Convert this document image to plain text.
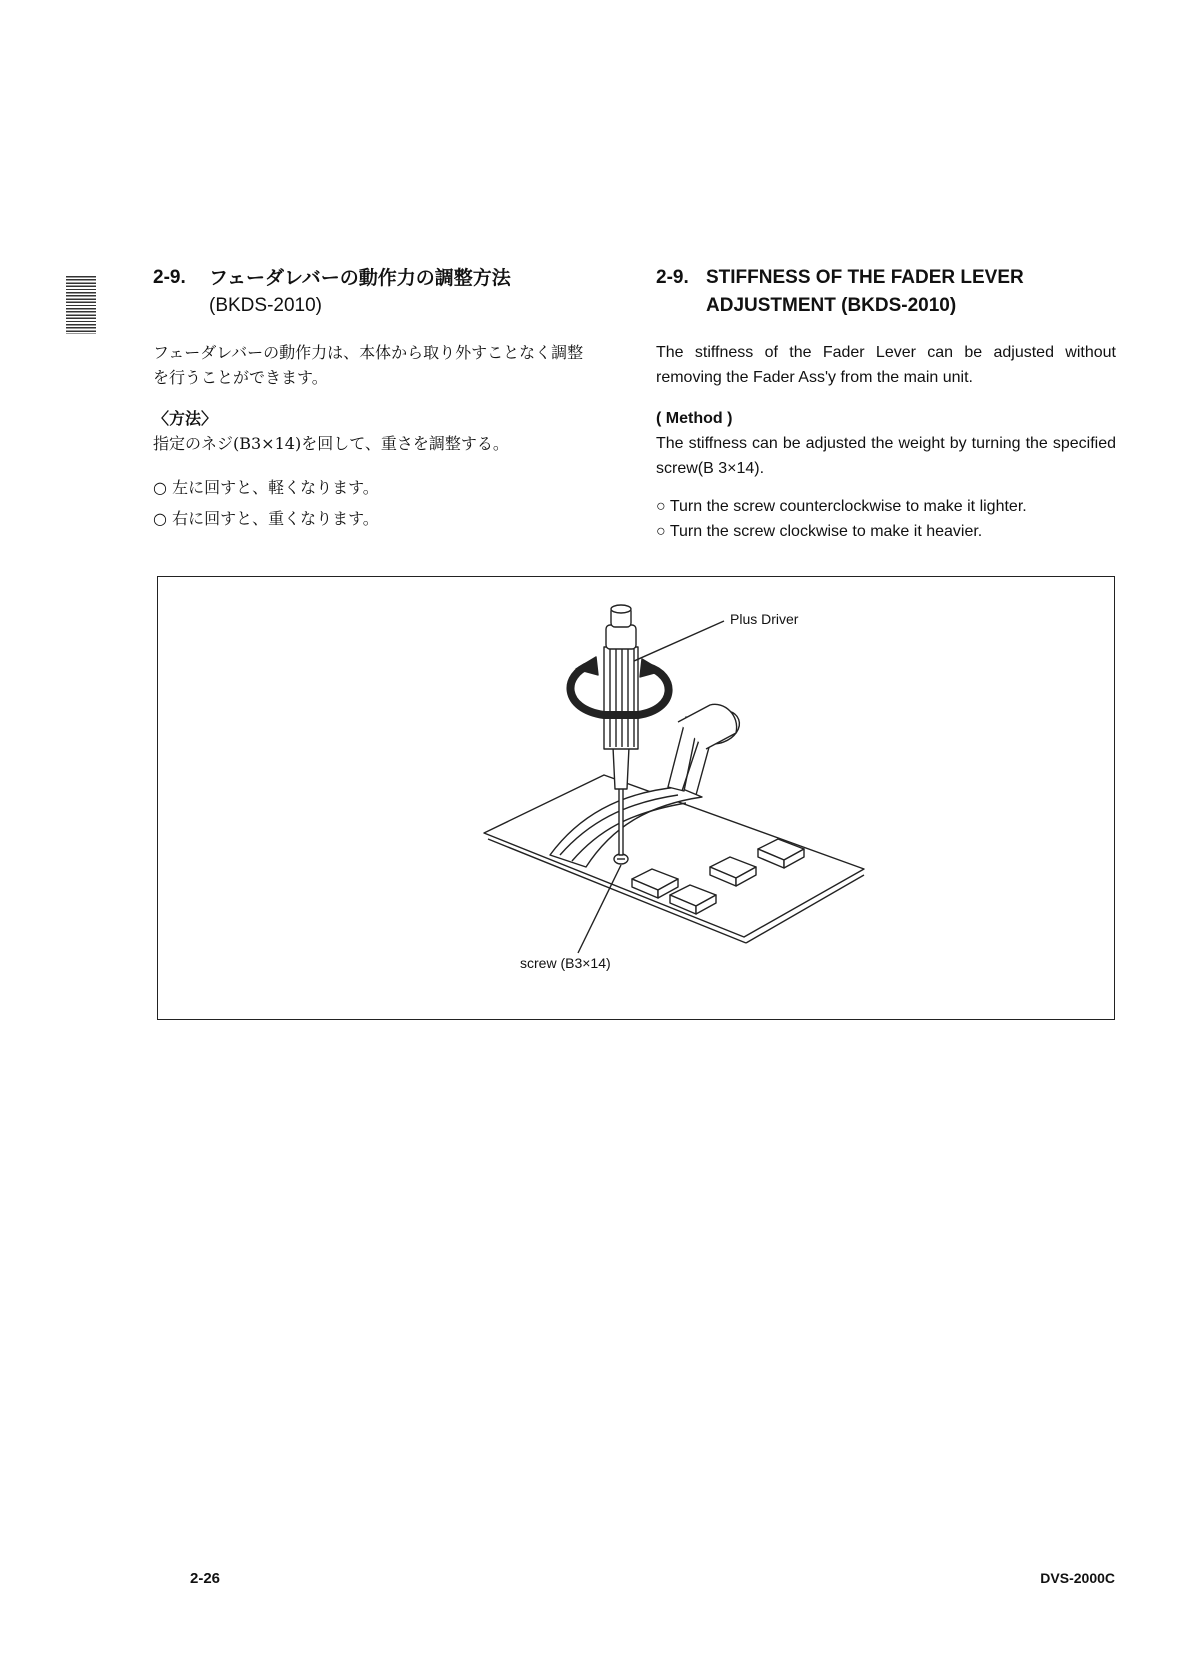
2-9.	フェーダレバーの動作力の調整方法
(BKDS-2010)
フェーダレバーの動作力は、本体から取り外すことなく調整
を行うことができます。
〈方法〉
指定のネジ(B3×14)を回して、重さを調整する。
○ 左に回すと、軽くなります。
○ 右に回すと、重くなります。
2-9. STIFFNESS OF THE FADER LEVER
ADJUSTMENT (BKDS-2010)
The stiffness of the Fader Lever can be adjusted without removing the Fader Ass'y from the main unit.
( Method )
The stiffness can be adjusted the weight by turning the specified screw(B 3×14).
○ Turn the screw counterclockwise to make it lighter.
○ Turn the screw clockwise to make it heavier.
Plus Driver
screw (B3×14)
2-26	DVS-2000C
